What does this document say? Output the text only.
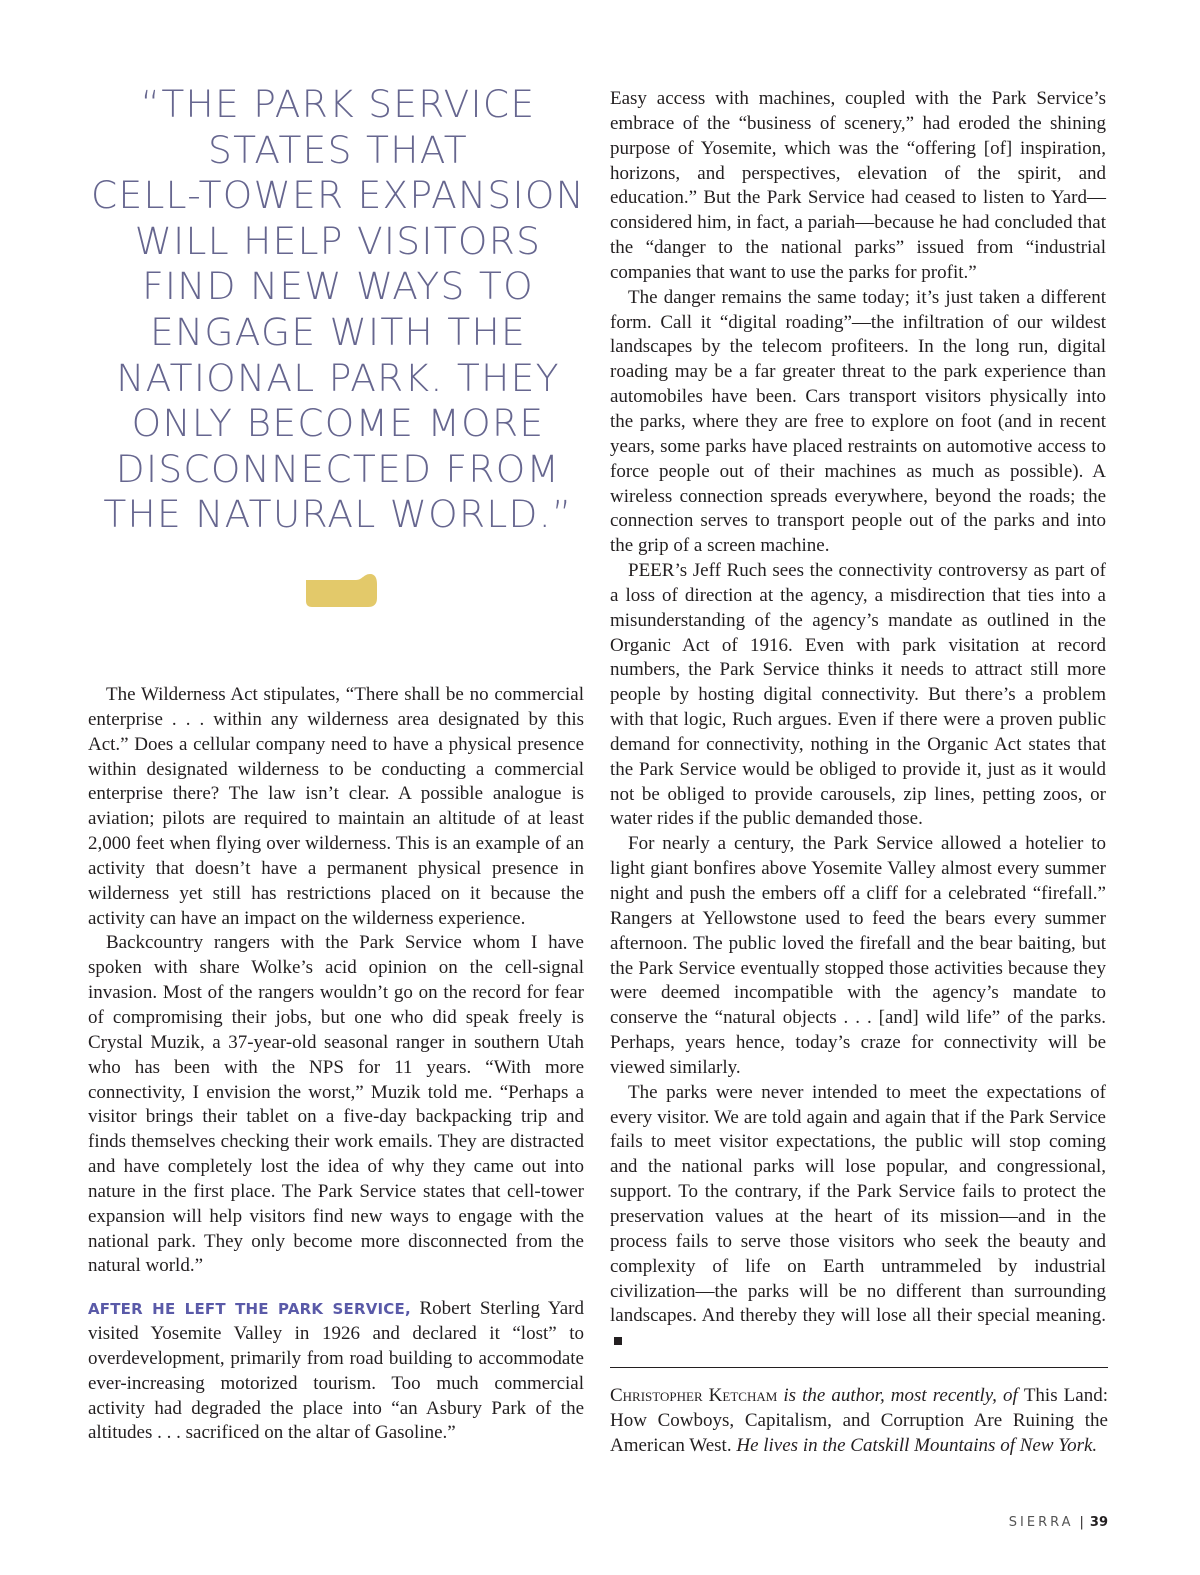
“THE PARK SERVICE
STATES THAT
CELL-TOWER EXPANSION
WILL HELP VISITORS
FIND NEW WAYS TO
ENGAGE WITH THE
NATIONAL PARK. THEY
ONLY BECOME MORE
DISCONNECTED FROM
THE NATURAL WORLD.”

The Wilderness Act stipulates, “There shall be no commercial enterprise . . . within any wilderness area designated by this Act.” Does a cellular company need to have a physical presence within designated wilderness to be conducting a commercial enterprise there? The law isn’t clear. A possible analogue is aviation; pilots are required to maintain an altitude of at least 2,000 feet when flying over wilderness. This is an example of an activity that doesn’t have a permanent physical presence in wilderness yet still has restrictions placed on it because the activity can have an impact on the wilderness experience.

Backcountry rangers with the Park Service whom I have spoken with share Wolke’s acid opinion on the cell-signal invasion. Most of the rangers wouldn’t go on the record for fear of compromising their jobs, but one who did speak freely is Crystal Muzik, a 37-year-old seasonal ranger in southern Utah who has been with the NPS for 11 years. “With more connectivity, I envision the worst,” Muzik told me. “Perhaps a visitor brings their tablet on a five-day backpacking trip and finds themselves checking their work emails. They are distracted and have completely lost the idea of why they came out into nature in the first place. The Park Service states that cell-tower expansion will help visitors find new ways to engage with the national park. They only become more disconnected from the natural world.”

AFTER HE LEFT THE PARK SERVICE, Robert Sterling Yard visited Yosemite Valley in 1926 and declared it “lost” to overdevelopment, primarily from road building to accommodate ever-increasing motorized tourism. Too much commercial activity had degraded the place into “an Asbury Park of the altitudes . . . sacrificed on the altar of Gasoline.”

Easy access with machines, coupled with the Park Service’s embrace of the “business of scenery,” had eroded the shining purpose of Yosemite, which was the “offering [of] inspiration, horizons, and perspectives, elevation of the spirit, and education.” But the Park Service had ceased to listen to Yard—considered him, in fact, a pariah—because he had concluded that the “danger to the national parks” issued from “industrial companies that want to use the parks for profit.”

The danger remains the same today; it’s just taken a different form. Call it “digital roading”—the infiltration of our wildest landscapes by the telecom profiteers. In the long run, digital roading may be a far greater threat to the park experience than automobiles have been. Cars transport visitors physically into the parks, where they are free to explore on foot (and in recent years, some parks have placed restraints on automotive access to force people out of their machines as much as possible). A wireless connection spreads everywhere, beyond the roads; the connection serves to transport people out of the parks and into the grip of a screen machine.

PEER’s Jeff Ruch sees the connectivity controversy as part of a loss of direction at the agency, a misdirection that ties into a misunderstanding of the agency’s mandate as outlined in the Organic Act of 1916. Even with park visitation at record numbers, the Park Service thinks it needs to attract still more people by hosting digital connectivity. But there’s a problem with that logic, Ruch argues. Even if there were a proven public demand for connectivity, nothing in the Organic Act states that the Park Service would be obliged to provide it, just as it would not be obliged to provide carousels, zip lines, petting zoos, or water rides if the public demanded those.

For nearly a century, the Park Service allowed a hotelier to light giant bonfires above Yosemite Valley almost every summer night and push the embers off a cliff for a celebrated “firefall.” Rangers at Yellowstone used to feed the bears every summer afternoon. The public loved the firefall and the bear baiting, but the Park Service eventually stopped those activities because they were deemed incompatible with the agency’s mandate to conserve the “natural objects . . . [and] wild life” of the parks. Perhaps, years hence, today’s craze for connectivity will be viewed similarly.

The parks were never intended to meet the expectations of every visitor. We are told again and again that if the Park Service fails to meet visitor expectations, the public will stop coming and the national parks will lose popular, and congressional, support. To the contrary, if the Park Service fails to protect the preservation values at the heart of its mission—and in the process fails to serve those visitors who seek the beauty and complexity of life on Earth untrammeled by industrial civilization—the parks will be no different than surrounding landscapes. And thereby they will lose all their special meaning.

Christopher Ketcham is the author, most recently, of This Land: How Cowboys, Capitalism, and Corruption Are Ruining the American West. He lives in the Catskill Mountains of New York.

SIERRA | 39
